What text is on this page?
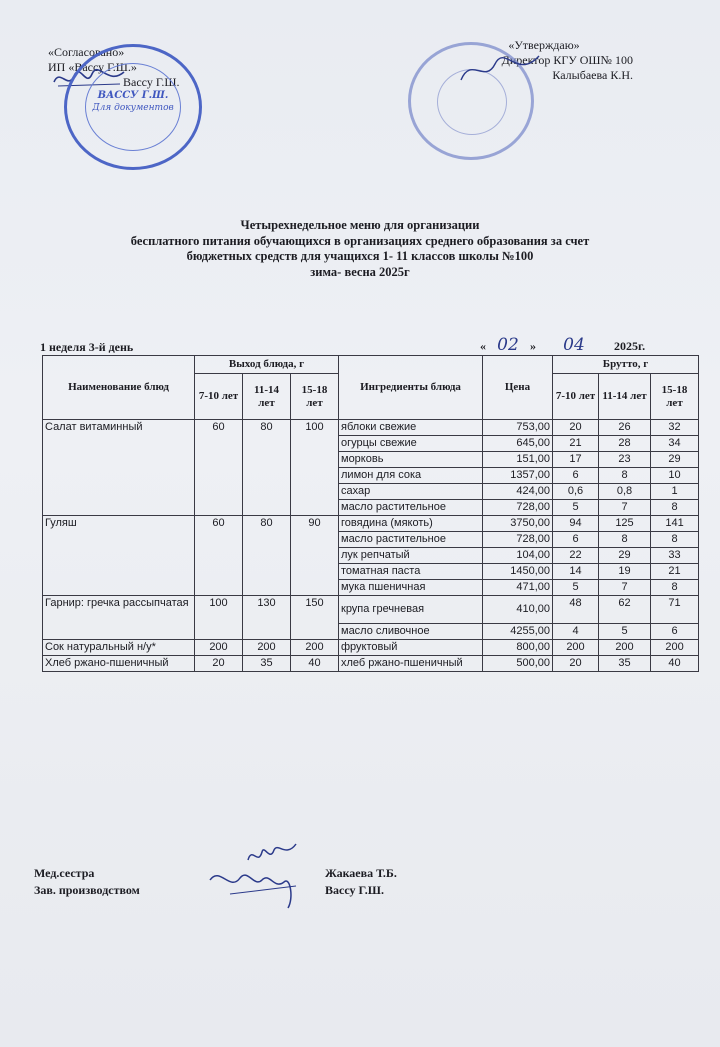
«Согласовано»
ИП «Вассу Г.Ш.»
Вассу Г.Ш.
ВАССУ Г.Ш.
Для документов
«Утверждаю»
Директор КГУ ОШ№ 100
Калыбаева К.Н.
Четырехнедельное меню для организации
бесплатного питания обучающихся в организациях среднего образования за счет
бюджетных средств для учащихся 1- 11 классов школы №100
зима- весна 2025г
1 неделя 3-й день	« 02 » 04 2025г.
Наименование блюд	Выход блюда, г			Ингредиенты блюда	Цена	Брутто, г		
	7-10 лет	11-14 лет	15-18 лет			7-10 лет	11-14 лет	15-18 лет
Салат витаминный	60	80	100	яблоки свежие	753,00	20	26	32
				огурцы свежие	645,00	21	28	34
				морковь	151,00	17	23	29
				лимон для сока	1357,00	6	8	10
				сахар	424,00	0,6	0,8	1
				масло растительное	728,00	5	7	8
Гуляш	60	80	90	говядина (мякоть)	3750,00	94	125	141
				масло растительное	728,00	6	8	8
				лук репчатый	104,00	22	29	33
				томатная паста	1450,00	14	19	21
				мука пшеничная	471,00	5	7	8
Гарнир: гречка рассыпчатая	100	130	150	крупа гречневая	410,00	48	62	71
				масло сливочное	4255,00	4	5	6
Сок натуральный н/у*	200	200	200	фруктовый	800,00	200	200	200
Хлеб ржано-пшеничный	20	35	40	хлеб ржано-пшеничный	500,00	20	35	40
Мед.сестра	Жакаева Т.Б.
Зав. производством	Вассу Г.Ш.
